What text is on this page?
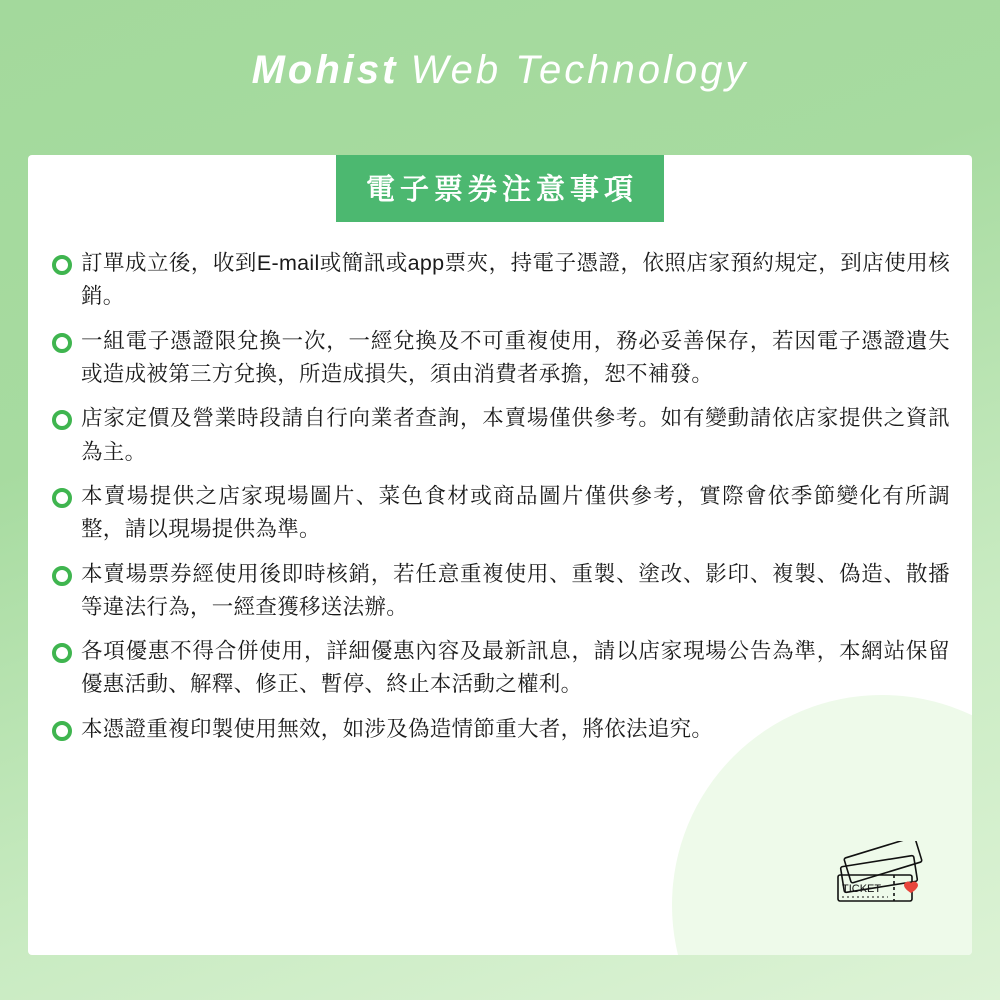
Mohist Web Technology
電子票券注意事項
訂單成立後，收到E-mail或簡訊或app票夾，持電子憑證，依照店家預約規定，到店使用核銷。
一組電子憑證限兌換一次，一經兌換及不可重複使用，務必妥善保存，若因電子憑證遺失或造成被第三方兌換，所造成損失，須由消費者承擔，恕不補發。
店家定價及營業時段請自行向業者查詢，本賣場僅供參考。如有變動請依店家提供之資訊為主。
本賣場提供之店家現場圖片、菜色食材或商品圖片僅供參考，實際會依季節變化有所調整，請以現場提供為準。
本賣場票券經使用後即時核銷，若任意重複使用、重製、塗改、影印、複製、偽造、散播等違法行為，一經查獲移送法辦。
各項優惠不得合併使用，詳細優惠內容及最新訊息，請以店家現場公告為準，本網站保留優惠活動、解釋、修正、暫停、終止本活動之權利。
本憑證重複印製使用無效，如涉及偽造情節重大者，將依法追究。
TICKET
